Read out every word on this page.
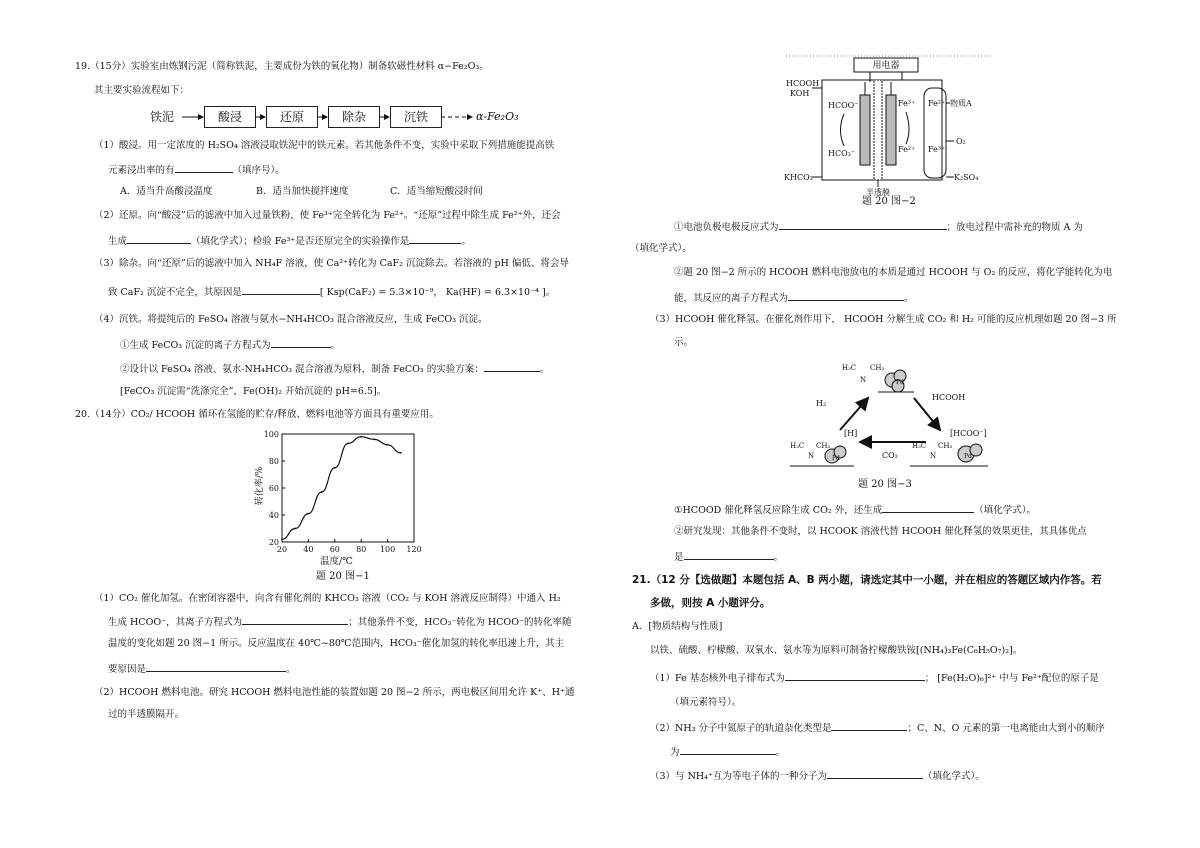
19.（15分）实验室由炼钢污泥（简称铁泥，主要成份为铁的氧化物）制备软磁性材料 α−Fe₂O₃。
其主要实验流程如下：
铁泥	酸浸	还原	除杂	沉铁	α-Fe₂O₃
（1）酸浸。用一定浓度的 H₂SO₄ 溶液浸取铁泥中的铁元素。若其他条件不变，实验中采取下列措施能提高铁
元素浸出率的有	（填序号）。
A．适当升高酸浸温度	B．适当加快搅拌速度	C．适当缩短酸浸时间
（2）还原。向“酸浸”后的滤液中加入过量铁粉，使 Fe³⁺完全转化为 Fe²⁺。“还原”过程中除生成 Fe²⁺外，还会
生成	（填化学式）；检验 Fe³⁺是否还原完全的实验操作是	。
（3）除杂。向“还原”后的滤液中加入 NH₄F 溶液，使 Ca²⁺转化为 CaF₂ 沉淀除去。若溶液的 pH 偏低、将会导
致 CaF₂ 沉淀不完全，其原因是	[ Ksp(CaF₂) = 5.3×10⁻⁹， Ka(HF) = 6.3×10⁻⁴ ]。
（4）沉铁。将提纯后的 FeSO₄ 溶液与氨水−NH₄HCO₃ 混合溶液反应，生成 FeCO₃ 沉淀。
①生成 FeCO₃ 沉淀的离子方程式为	。
②设计以 FeSO₄ 溶液、氨水-NH₄HCO₃ 混合溶液为原料，制备 FeCO₃ 的实验方案：	。
[FeCO₃ 沉淀需“洗涤完全”，Fe(OH)₂ 开始沉淀的 pH=6.5]。
20.（14分）CO₂/ HCOOH 循环在氢能的贮存/释放、燃料电池等方面具有重要应用。
20 40 60 80 100 120
20
40
60
80
100
转化率/%
温度/℃
题 20 图−1
（1）CO₂ 催化加氢。在密闭容器中，向含有催化剂的 KHCO₃ 溶液（CO₂ 与 KOH 溶液反应制得）中通入 H₂
生成 HCOO⁻，其离子方程式为	；其他条件不变，HCO₃⁻转化为 HCOO⁻的转化率随
温度的变化如题 20 图−1 所示。反应温度在 40℃~80℃范围内，HCO₃⁻催化加氢的转化率迅速上升，其主
要原因是	。
（2）HCOOH 燃料电池。研究 HCOOH 燃料电池性能的装置如题 20 图−2 所示，两电极区间用允许 K⁺、H⁺通
过的半透膜隔开。
用电器
半透膜
HCOOH
KOH
HCOO⁻
HCO₃⁻
KHCO₃
Fe³⁺
Fe²⁺
Fe²⁺
Fe³⁺
物质A
O₂
K₂SO₄
题 20 图−2
①电池负极电极反应式为	；放电过程中需补充的物质 A 为
（填化学式）。
②题 20 图−2 所示的 HCOOH 燃料电池放电的本质是通过 HCOOH 与 O₂ 的反应，将化学能转化为电
能，其反应的离子方程式为	。
（3）HCOOH 催化释氢。在催化剂作用下， HCOOH 分解生成 CO₂ 和 H₂ 可能的反应机理如题 20 图−3 所
示。
H₃C CH₃
N	Pd
H₂
HCOOH
CO₂
[H]
H₃C CH₃
N	Pd
[HCOO⁻]
H₃C CH₃
N	Pd
题 20 图−3
①HCOOD 催化释氢反应除生成 CO₂ 外，还生成	（填化学式）。
②研究发现：其他条件不变时，以 HCOOK 溶液代替 HCOOH 催化释氢的效果更佳，其具体优点
是	。
21.（12 分【选做题】本题包括 A、B 两小题，请选定其中一小题，并在相应的答题区域内作答。若
多做，则按 A 小题评分。
A．[物质结构与性质]
以铁、硫酸、柠檬酸、双氧水、氨水等为原料可制备柠檬酸铁铵[(NH₄)₃Fe(C₆H₅O₇)₂]。
（1）Fe 基态核外电子排布式为	； [Fe(H₂O)₆]²⁺ 中与 Fe²⁺配位的原子是
（填元素符号）。
（2）NH₃ 分子中氮原子的轨道杂化类型是	；C、N、O 元素的第一电离能由大到小的顺序
为	。
（3）与 NH₄⁺互为等电子体的一种分子为	（填化学式）。
